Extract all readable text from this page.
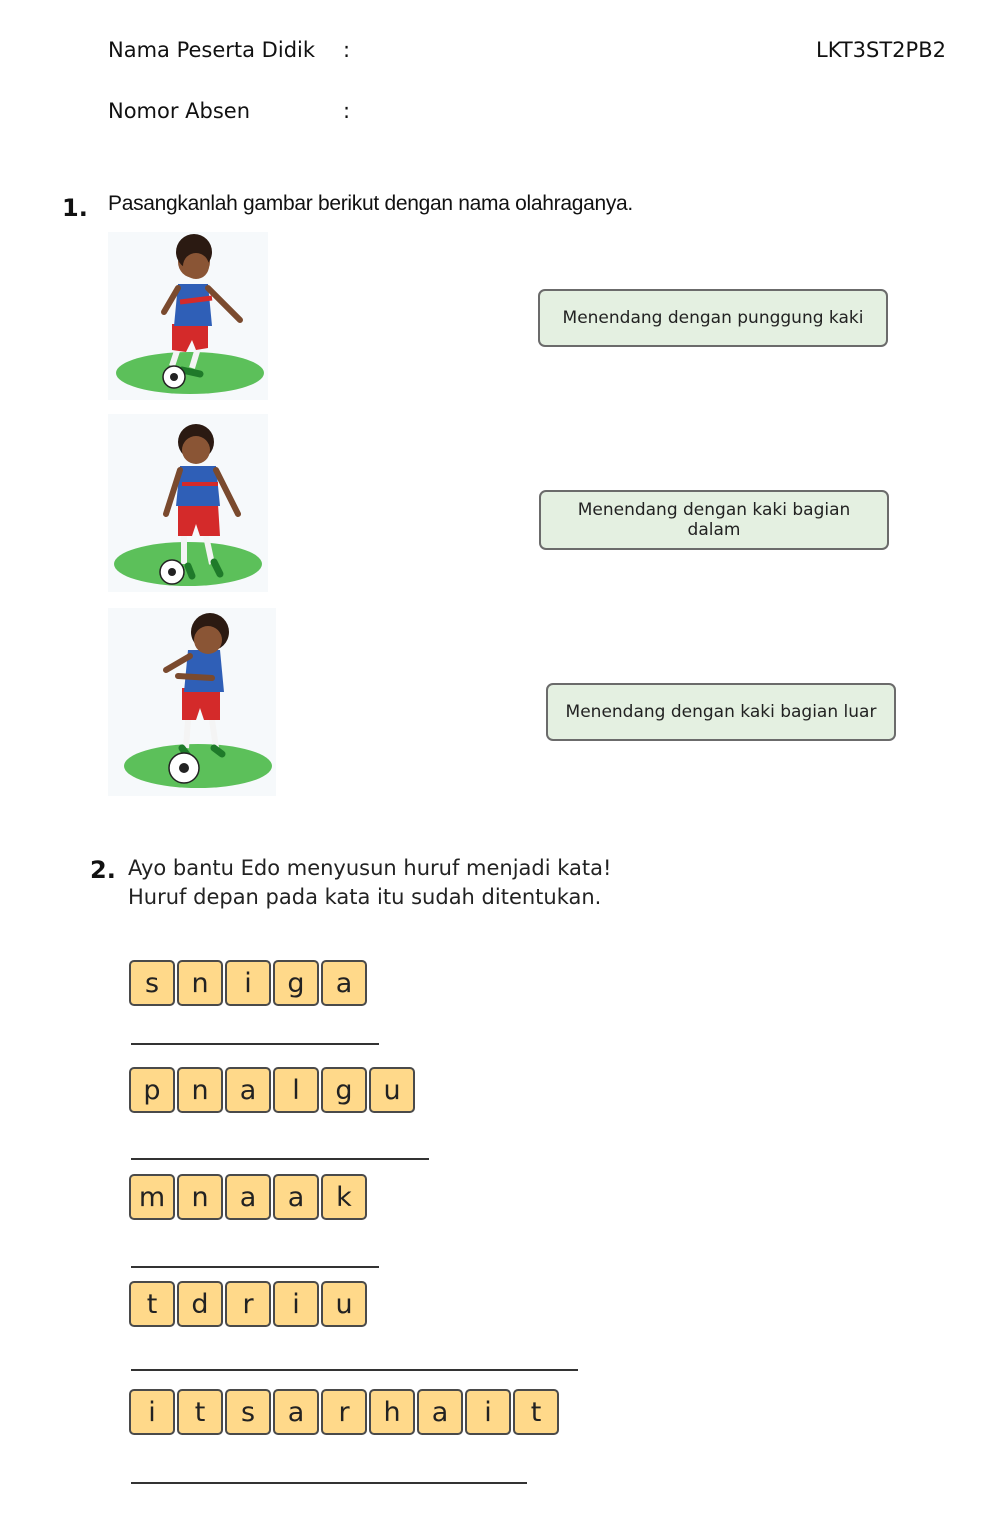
Nama Peserta Didik :	LKT3ST2PB2
Nomor Absen	:
1. Pasangkanlah gambar berikut dengan nama olahraganya.
Menendang dengan punggung kaki
Menendang dengan kaki bagian dalam
Menendang dengan kaki bagian luar
2. Ayo bantu Edo menyusun huruf menjadi kata!
Huruf depan pada kata itu sudah ditentukan.
s	n	i	g	a
p	n	a	l	g	u
m n	a	a	k
t	d	r	i	u
i	t	s	a	r	h	a	i	t
